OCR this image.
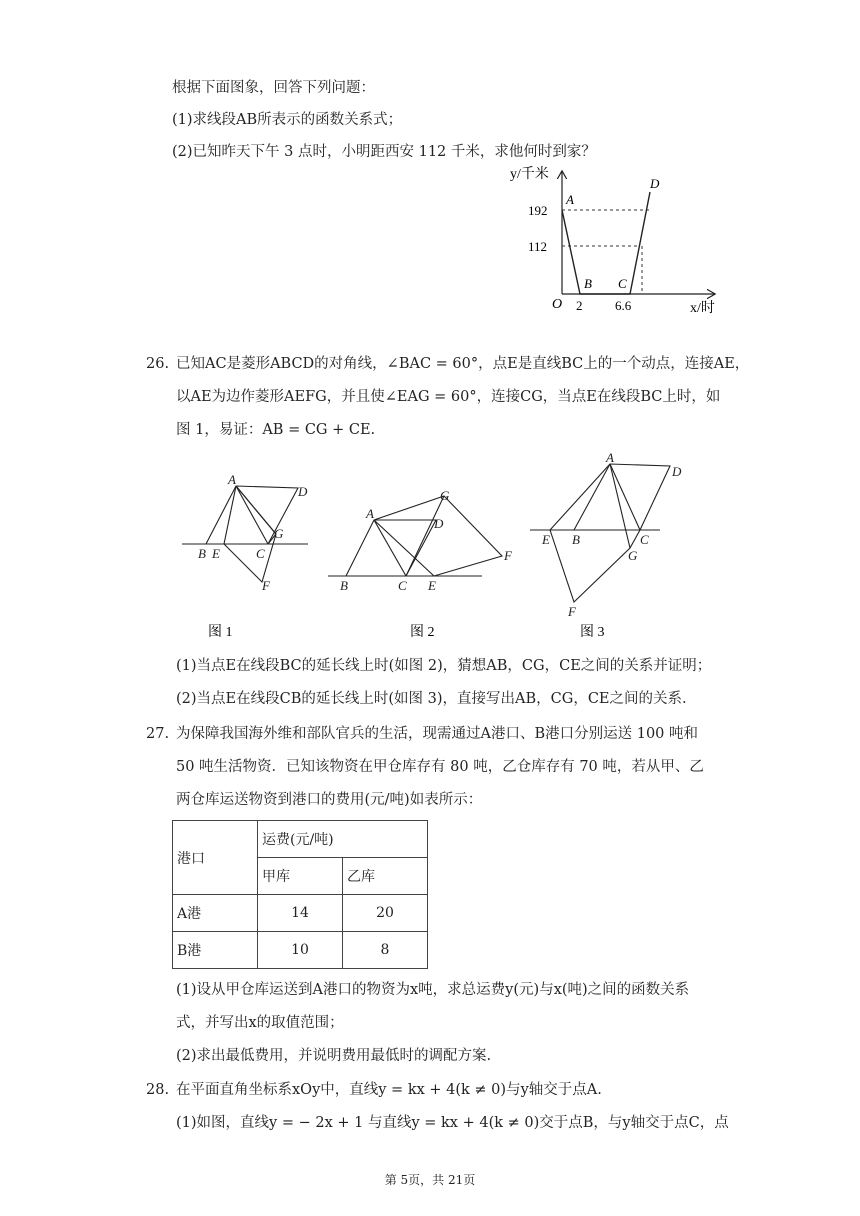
根据下面图象，回答下列问题：
(1)求线段AB所表示的函数关系式；
(2)已知昨天下午 3 点时，小明距西安 112 千米，求他何时到家？
y/千米
x/时
192
112
2	6.6
O
A
B C
D
26. 已知AC是菱形ABCD的对角线，∠BAC = 60°，点E是直线BC上的一个动点，连接AE，
以AE为边作菱形AEFG，并且使∠EAG = 60°，连接CG，当点E在线段BC上时，如
图 1，易证：AB = CG + CE.
A
D
G
B E	C
F
A
G
D
B	C E
F
A
D
E B	C
G
F
图 1	图 2	图 3
(1)当点E在线段BC的延长线上时(如图 2)，猜想AB，CG，CE之间的关系并证明；
(2)当点E在线段CB的延长线上时(如图 3)，直接写出AB，CG，CE之间的关系.
27. 为保障我国海外维和部队官兵的生活，现需通过A港口、B港口分别运送 100 吨和
50 吨生活物资．已知该物资在甲仓库存有 80 吨，乙仓库存有 70 吨，若从甲、乙
两仓库运送物资到港口的费用(元/吨)如表所示：
港口	运费(元/吨)	
	甲库	乙库
A港	14	20
B港	10	8
(1)设从甲仓库运送到A港口的物资为x吨，求总运费y(元)与x(吨)之间的函数关系
式，并写出x的取值范围；
(2)求出最低费用，并说明费用最低时的调配方案.
28. 在平面直角坐标系xOy中，直线y = kx + 4(k ≠ 0)与y轴交于点A.
(1)如图，直线y = − 2x + 1 与直线y = kx + 4(k ≠ 0)交于点B，与y轴交于点C，点
第 5页，共 21页
